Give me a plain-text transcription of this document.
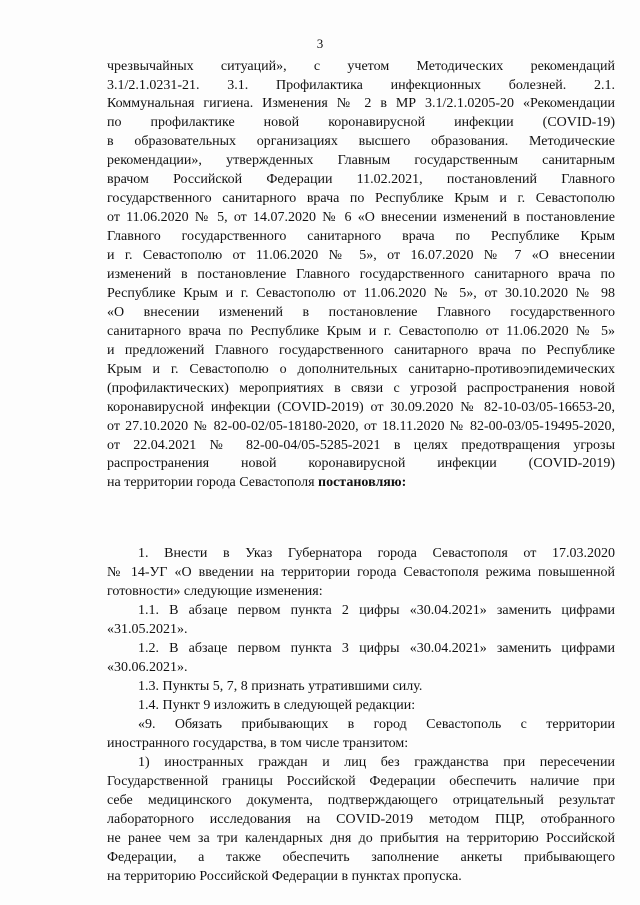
3
чрезвычайных ситуаций», с учетом Методических рекомендаций
3.1/2.1.0231-21. 3.1. Профилактика инфекционных болезней. 2.1.
Коммунальная гигиена. Изменения № 2 в МР 3.1/2.1.0205-20 «Рекомендации
по профилактике новой коронавирусной инфекции (COVID-19)
в образовательных организациях высшего образования. Методические
рекомендации», утвержденных Главным государственным санитарным
врачом Российской Федерации 11.02.2021, постановлений Главного
государственного санитарного врача по Республике Крым и г. Севастополю
от 11.06.2020 № 5, от 14.07.2020 № 6 «О внесении изменений в постановление
Главного государственного санитарного врача по Республике Крым
и г. Севастополю от 11.06.2020 № 5», от 16.07.2020 № 7 «О внесении
изменений в постановление Главного государственного санитарного врача по
Республике Крым и г. Севастополю от 11.06.2020 № 5», от 30.10.2020 № 98
«О внесении изменений в постановление Главного государственного
санитарного врача по Республике Крым и г. Севастополю от 11.06.2020 № 5»
и предложений Главного государственного санитарного врача по Республике
Крым и г. Севастополю о дополнительных санитарно-противоэпидемических
(профилактических) мероприятиях в связи с угрозой распространения новой
коронавирусной инфекции (COVID-2019) от 30.09.2020 № 82-10-03/05-16653-20,
от 27.10.2020 № 82-00-02/05-18180-2020, от 18.11.2020 № 82-00-03/05-19495-2020,
от 22.04.2021 № 82-00-04/05-5285-2021 в целях предотвращения угрозы
распространения новой коронавирусной инфекции (COVID-2019)
на территории города Севастополя постановляю:
1. Внести в Указ Губернатора города Севастополя от 17.03.2020
№ 14-УГ «О введении на территории города Севастополя режима повышенной
готовности» следующие изменения:
1.1. В абзаце первом пункта 2 цифры «30.04.2021» заменить цифрами
«31.05.2021».
1.2. В абзаце первом пункта 3 цифры «30.04.2021» заменить цифрами
«30.06.2021».
1.3. Пункты 5, 7, 8 признать утратившими силу.
1.4. Пункт 9 изложить в следующей редакции:
«9. Обязать прибывающих в город Севастополь с территории
иностранного государства, в том числе транзитом:
1) иностранных граждан и лиц без гражданства при пересечении
Государственной границы Российской Федерации обеспечить наличие при
себе медицинского документа, подтверждающего отрицательный результат
лабораторного исследования на COVID-2019 методом ПЦР, отобранного
не ранее чем за три календарных дня до прибытия на территорию Российской
Федерации, а также обеспечить заполнение анкеты прибывающего
на территорию Российской Федерации в пунктах пропуска.
